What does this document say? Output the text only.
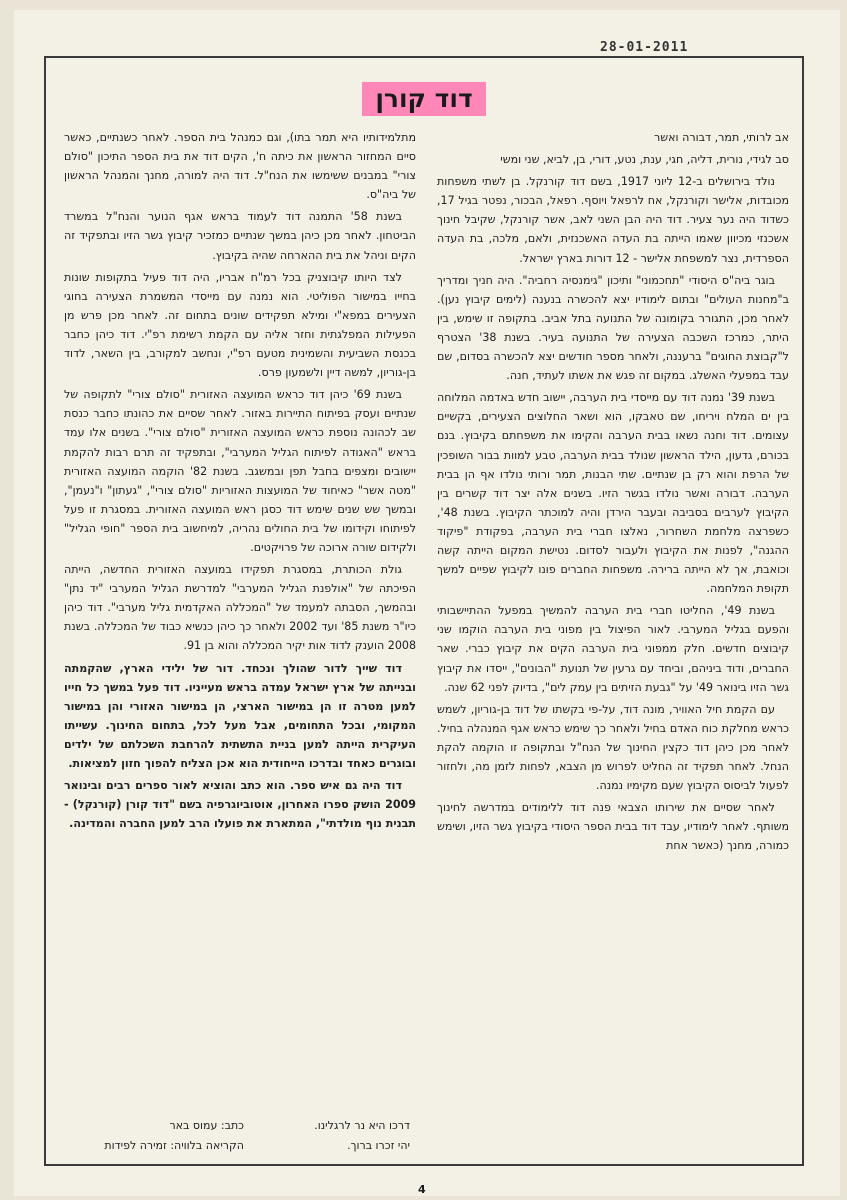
28-01-2011
דוד קורן

אב לרותי, תמר, דבורה ואשר

סב לגידי, נורית, דליה, חגי, ענת, נטע, דורי, בן, לביא, שני ומשי

נולד בירושלים ב-12 ליוני 1917, בשם דוד קורנקל. בן לשתי משפחות מכובדות, אלישר וקורנקל, אח לרפאל ויוסף. רפאל, הבכור, נפטר בגיל 17, כשדוד היה נער צעיר. דוד היה הבן השני לאב, אשר קורנקל, שקיבל חינוך אשכנזי מכיוון שאמו הייתה בת העדה האשכנזית, ולאם, מלכה, בת העדה הספרדית, נצר למשפחת אלישר - 12 דורות בארץ ישראל.

בוגר ביה"ס היסודי "תחכמוני" ותיכון "גימנסיה רחביה". היה חניך ומדריך ב"מחנות העולים" ובתום לימודיו יצא להכשרה בנענה (לימים קיבוץ נען). לאחר מכן, התגורר בקומונה של התנועה בתל אביב. בתקופה זו שימש, בין היתר, כמרכז השכבה הצעירה של התנועה בעיר. בשנת 38' הצטרף ל"קבוצת החוגים" ברעננה, ולאחר מספר חודשים יצא להכשרה בסדום, שם עבד במפעלי האשלג. במקום זה פגש את אשתו לעתיד, חנה.

בשנת 39' נמנה דוד עם מייסדי בית הערבה, יישוב חדש באדמה המלוחה בין ים המלח ויריחו, שם טאבקו, הוא ושאר החלוצים הצעירים, בקשיים עצומים. דוד וחנה נשאו בבית הערבה והקימו את משפחתם בקיבוץ. בנם בכורם, גדעון, הילד הראשון שנולד בבית הערבה, טבע למוות בבור השופכין של הרפת והוא רק בן שנתיים. שתי הבנות, תמר ורותי נולדו אף הן בבית הערבה. דבורה ואשר נולדו בגשר הזיו. בשנים אלה יצר דוד קשרים בין הקיבוץ לערבים בסביבה ובעבר הירדן והיה למוכתר הקיבוץ. בשנת 48', כשפרצה מלחמת השחרור, נאלצו חברי בית הערבה, בפקודת "פיקוד ההגנה", לפנות את הקיבוץ ולעבור לסדום. נטישת המקום הייתה קשה וכואבת, אך לא הייתה ברירה. משפחות החברים פונו לקיבוץ שפיים למשך תקופת המלחמה.

בשנת 49', החליטו חברי בית הערבה להמשיך במפעל ההתיישבותי והפעם בגליל המערבי. לאור הפיצול בין מפוני בית הערבה הוקמו שני קיבוצים חדשים. חלק ממפוני בית הערבה הקים את קיבוץ כברי. שאר החברים, ודוד ביניהם, וביחד עם גרעין של תנועת "הבונים", ייסדו את קיבוץ גשר הזיו בינואר 49' על "גבעת הזיתים בין עמק לים", בדיוק לפני 62 שנה.

עם הקמת חיל האוויר, מונה דוד, על-פי בקשתו של דוד בן-גוריון, לשמש כראש מחלקת כוח האדם בחיל ולאחר כך שימש כראש אגף המנהלה בחיל. לאחר מכן כיהן דוד כקצין החינוך של הנח"ל ובתקופה זו הוקמה להקת הנחל. לאחר תפקיד זה החליט לפרוש מן הצבא, לפחות לזמן מה, ולחזור לפעול לביסוס הקיבוץ שעם מקימיו נמנה.

לאחר שסיים את שירותו הצבאי פנה דוד ללימודים במדרשה לחינוך משותף. לאחר לימודיו, עבד דוד בבית הספר היסודי בקיבוץ גשר הזיו, ושימש כמורה, מחנך (כאשר אחת

מתלמידותיו היא תמר בתו), וגם כמנהל בית הספר. לאחר כשנתיים, כאשר סיים המחזור הראשון את כיתה ח', הקים דוד את בית הספר התיכון "סולם צורי" במבנים ששימשו את הנח"ל. דוד היה למורה, מחנך והמנהל הראשון של ביה"ס.

בשנת 58' התמנה דוד לעמוד בראש אגף הנוער והנח"ל במשרד הביטחון. לאחר מכן כיהן במשך שנתיים כמזכיר קיבוץ גשר הזיו ובתפקיד זה הקים וניהל את בית ההארחה שהיה בקיבוץ.

לצד היותו קיבוצניק בכל רמ"ח אבריו, היה דוד פעיל בתקופות שונות בחייו במישור הפוליטי. הוא נמנה עם מייסדי המשמרת הצעירה בחוגי הצעירים במפא"י ומילא תפקידים שונים בתחום זה. לאחר מכן פרש מן הפעילות המפלגתית וחזר אליה עם הקמת רשימת רפ"י. דוד כיהן כחבר בכנסת השביעית והשמינית מטעם רפ"י, ונחשב למקורב, בין השאר, לדוד בן-גוריון, למשה דיין ולשמעון פרס.

בשנת 69' כיהן דוד כראש המועצה האזורית "סולם צורי" לתקופה של שנתיים ועסק בפיתוח התיירות באזור. לאחר שסיים את כהונתו כחבר כנסת שב לכהונה נוספת כראש המועצה האזורית "סולם צורי". בשנים אלו עמד בראש "האגודה לפיתוח הגליל המערבי", ובתפקיד זה תרם רבות להקמת יישובים ומצפים בחבל תפן ובמשגב. בשנת 82' הוקמה המועצה האזורית "מטה אשר" כאיחוד של המועצות האזוריות "סולם צורי", "געתון" ו"נעמן", ובמשך שש שנים שימש דוד כסגן ראש המועצה האזורית. במסגרת זו פעל לפיתוחו וקידומו של בית החולים נהריה, למיחשוב בית הספר "חופי הגליל" ולקידום שורה ארוכה של פרויקטים.

גולת הכותרת, במסגרת תפקידו במועצה האזורית החדשה, הייתה הפיכתה של "אולפנת הגליל המערבי" למדרשת הגליל המערבי "יד נתן" ובהמשך, הסבתה למעמד של "המכללה האקדמית גליל מערבי". דוד כיהן כיו"ר משנת 85' ועד 2002 ולאחר כך כיהן כנשיא כבוד של המכללה. בשנת 2008 הוענק לדוד אות יקיר המכללה והוא בן 91.

דוד שייך לדור שהולך ונכחד. דור של ילידי הארץ, שהקמתה ובנייתה של ארץ ישראל עמדה בראש מעייניו. דוד פעל במשך כל חייו למען מטרה זו הן במישור הארצי, הן במישור האזורי והן במישור המקומי, ובכל התחומים, אבל מעל לכל, בתחום החינוך. עשייתו העיקרית הייתה למען בניית התשתית להרחבת השכלתם של ילדים ובוגרים כאחד ובדרכו הייחודית הוא אכן הצליח להפוך חזון למציאות.

דוד היה גם איש ספר. הוא כתב והוציא לאור ספרים רבים ובינואר 2009 הושק ספרו האחרון, אוטוביוגרפיה בשם "דוד קורן (קורנקל) - תבנית נוף מולדתי", המתארת את פועלו הרב למען החברה והמדינה.

דרכו היא נר לרגלינו.
יהי זכרו ברוך.
כתב: עמוס באר
הקריאה בלוויה: זמירה לפידות
4
